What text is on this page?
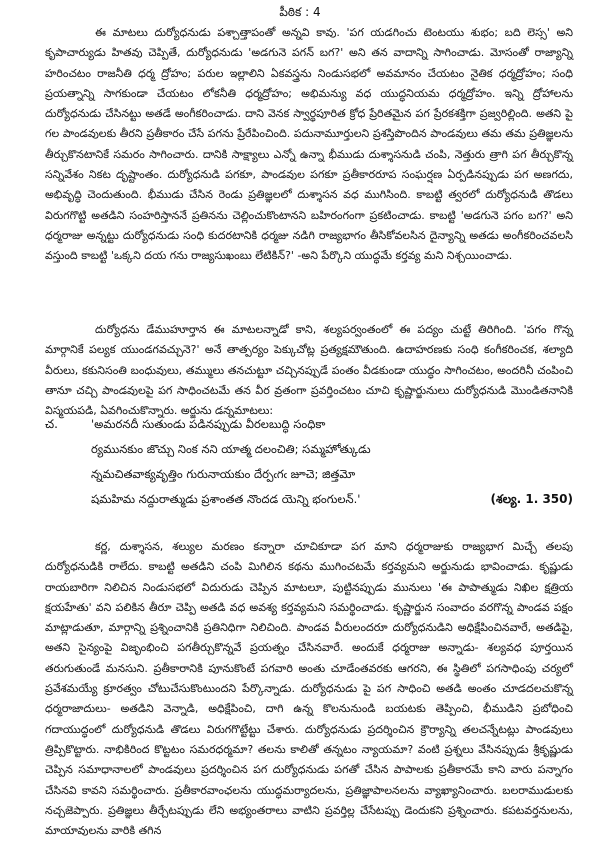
పీఠిక : 4

ఈ మాటలు దుర్యోధనుడు పశ్చాత్తాపంతో అన్నవి కావు. 'పగ యడగించు టెంటయు శుభం; బది లెస్స' అని కృపాచార్యుడు హితవు చెప్పితే, దుర్యోధనుడు 'అడగునె పగన్ బగ?' అని తన వాదాన్ని సాగించాడు. మోసంతో రాజ్యాన్ని హరించటం రాజనీతి ధర్మ ద్రోహం; పరుల ఇల్లాలిని ఏకవస్త్రను నిండుసభలో అవమానం చేయటం నైతిక ధర్మద్రోహం; సంధి ప్రయత్నాన్ని సాగకుండా చేయటం లోకనీతి ధర్మద్రోహం; అభిమన్యు వధ యుద్ధనియమ ధర్మద్రోహం. ఇన్ని ద్రోహాలను దుర్యోధనుడు చేసినట్టు అతడే అంగీకరించాడు. దాని వెనక స్వార్థపూరిత క్రోధ ప్రేరితమైన పగ ప్రేరకశక్తిగా ప్రజ్వరిల్లింది. అతని పై గల పాండవులకు తీరని ప్రతీకారం చేసే పగను ప్రేరేపించింది. పదునామూర్తులని ప్రశస్తిపొందిన పాండవులు తమ తమ ప్రతిజ్ఞలను తీర్చుకొనటానికే సమరం సాగించారు. దానికి సాక్ష్యాలు ఎన్నో ఉన్నా భీముడు దుశ్శాసనుడి చంపి, నెత్తురు త్రాగి పగ తీర్చుకొన్న సన్నివేశం నికట దృష్టాంతం. దుర్యోధనుడి పగకూ, పాండవుల పగకూ ప్రతీకారరూప సంఘర్షణ ఏర్పడినప్పుడు పగ అణగదు, అభివృద్ధి చెందుతుంది. భీముడు చేసిన రెండు ప్రతిజ్ఞలలో దుశ్శాసన వధ ముగిసింది. కాబట్టి త్వరలో దుర్యోధనుడి తొడలు విరుగగొట్టి అతడిని సంహరిస్తాననే ప్రతినను చెల్లించుకొంటానని బహిరంగంగా ప్రకటించాడు. కాబట్టి 'అడగునె పగం బగ?' అని ధర్మరాజు అన్నట్టు దుర్యోధనుడు సంధి కుదరటానికి ధర్మజు నడిగి రాజ్యభాగం తీసికోవలసిన దైన్యాన్ని అతడు అంగీకరించవలసి వస్తుంది కాబట్టి 'ఒక్కని దయ గను రాజ్యసుఖంబు లేటికిన్?' -అని పేర్కొని యుద్ధమే కర్తవ్య మని నిశ్చయించాడు.

దుర్యోధను డేముహూర్తాన ఈ మాటలన్నాడో కాని, శల్యపర్వంతంలో ఈ పద్యం చుట్టే తిరిగింది. 'పగం గొన్న మార్గానికే పల్యక యుండగవచ్చునె?' అనే తాత్పర్యం పెక్కుచోట్ల ప్రత్యక్షమౌతుంది. ఉదాహరణకు సంధి కంగీకరించక, శల్యాది వీరులు, కకునిసంతి బంధువులు, తమ్ములు తనచుట్టూ చచ్చినప్పుడే పంతం వీడకుండా యుద్ధం సాగించటం, అందరినీ చంపించి తానూ చచ్చి పాండవులపై పగ సాధించటమే తన వీర వ్రతంగా ప్రవర్తించటం చూచి కృష్ణార్జునులు దుర్యోధనుడి మొండితనానికి విస్మయపడి, ఏవగించుకొన్నారు. అర్జును డన్నమాటలు:

చ.	'అమరనదీ సుతుండు పడినప్పుడు వీరలబుద్ధి సంధికా
ర్యమునకుం జొచ్చు నింక నని యాత్మ దలంచితి; సమ్మహోత్కుడు
న్నమచితవాక్యవృత్తిం గురునాయకుం దేర్పఁగఁ జూచె; జిత్తమో
షమహిమ నద్దురాత్ముడు ప్రశాంతత నొందడ యెన్ని భంగులన్.'	(శల్య. 1. 350)

కర్ణ, దుశ్శాసన, శల్యుల మరణం కన్నారా చూచికూడా పగ మాని ధర్మరాజుకు రాజ్యభాగ మిచ్చే తలపు దుర్యోధనుడికి రాలేదు. కాబట్టి అతడిని చంపి మిగిలిన కథను ముగించటమే కర్తవ్యమని అర్జునుడు భావించాడు. కృష్ణుడు రాయబారిగా నిలిచిన నిండుసభలో విదురుడు చెప్పిన మాటలూ, పుట్టినప్పుడు మునులు 'ఈ పాపాత్ముడు నిఖిల క్షత్రియ క్షయహేతు' వని పలికిన తీరూ చెప్పి అతడి వధ అవశ్య కర్తవ్యమని సమర్థించాడు. కృష్ణార్జున సంవాదం వరగొన్న పాండవ పక్షం మాట్లాడుతూ, మార్గాన్ని ప్రశ్నించానికి ప్రతినిధిగా నిలిచింది. పాండవ వీరులందరూ దుర్యోధనుడిని అధిక్షేపించినవారే, అతడిపై, అతని సైన్యంపై విజృంభించి పగతీర్చుకొన్నవే ప్రయత్నం చేసినవారే. అందుకే ధర్మరాజు అన్నాడు- శల్యవధ పూర్తయిన తరుగుతుండే మనసుని. ప్రతీకారానికి పూనుకొంటే పగవారి అంతు చూడేంతవరకు ఆగరని, ఈ స్థితిలో పగసాధింపు చర్యలో ప్రవేశమయ్యే క్రూరత్వం చోటుచేసుకొంటుందని పేర్కొన్నాడు. దుర్యోధనుడు పై పగ సాధించి అతడి అంతం చూడదలచుకొన్న ధర్మరాజాదులు- అతడిని వెన్నాడి, అధిక్షేపించి, దాగి ఉన్న కొలనునుండి బయటకు తెప్పించి, భీముడిని ప్రబోధించి గదాయుద్ధంలో దుర్యోధనుడి తొడలు విరుగగొట్టేట్టు చేశారు. దుర్యోధనుడు ప్రదర్శించిన క్రౌర్యాన్ని తలచన్నేటట్లు పాండవులు త్రిప్పికొట్టారు. నాభికిరింద కొట్టటం సమరధర్మమా? తలను కాలితో తన్నటం న్యాయమా? వంటి ప్రశ్నలు వేసినప్పుడు శ్రీకృష్ణుడు చెప్పిన సమాధానాలలో పాండవులు ప్రదర్శించిన పగ దుర్యోధనుడు పగతో చేసిన పాపాలకు ప్రతీకారమే కాని వారు పన్నాగం చేసినవి కావని సమర్థించారు. ప్రతీకారవాంఛలను యుద్ధమర్యాదలను, ప్రతిజ్ఞాపాలనలను వ్యాఖ్యానించారు. బలరాముడులకు నచ్చజెప్పారు. ప్రతిజ్ఞలు తీర్చేటప్పుడు లేని అభ్యంతరాలు వాటిని ప్రవర్తిల్ల చేసేటప్పు డెందుకని ప్రశ్నించారు. కపటవర్తనులను, మాయావులను వారికి తగిన
